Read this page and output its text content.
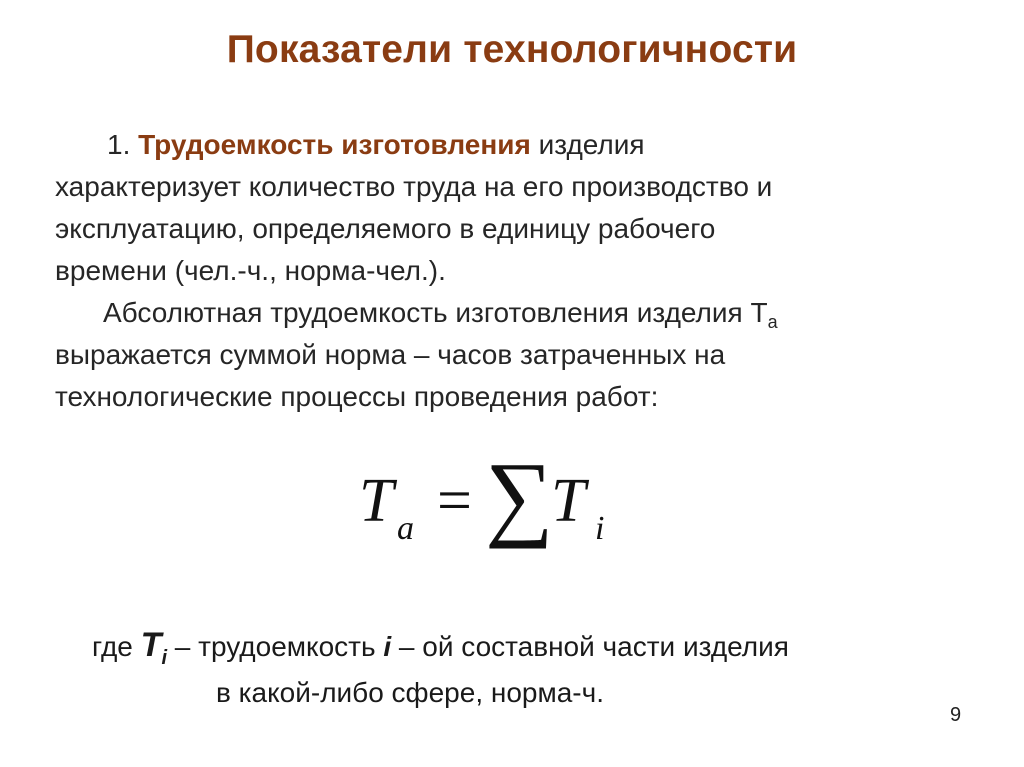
Показатели технологичности
1. Трудоемкость изготовления изделия
характеризует количество труда на его производство и
эксплуатацию, определяемого в единицу рабочего
времени (чел.-ч., норма-чел.).
Абсолютная трудоемкость изготовления изделия $Т_а$
выражается суммой норма – часов затраченных на
технологические процессы проведения работ:
T a = ∑
T i
где $T_i$ – трудоемкость i – ой составной части изделия
в какой-либо сфере, норма-ч.
9
